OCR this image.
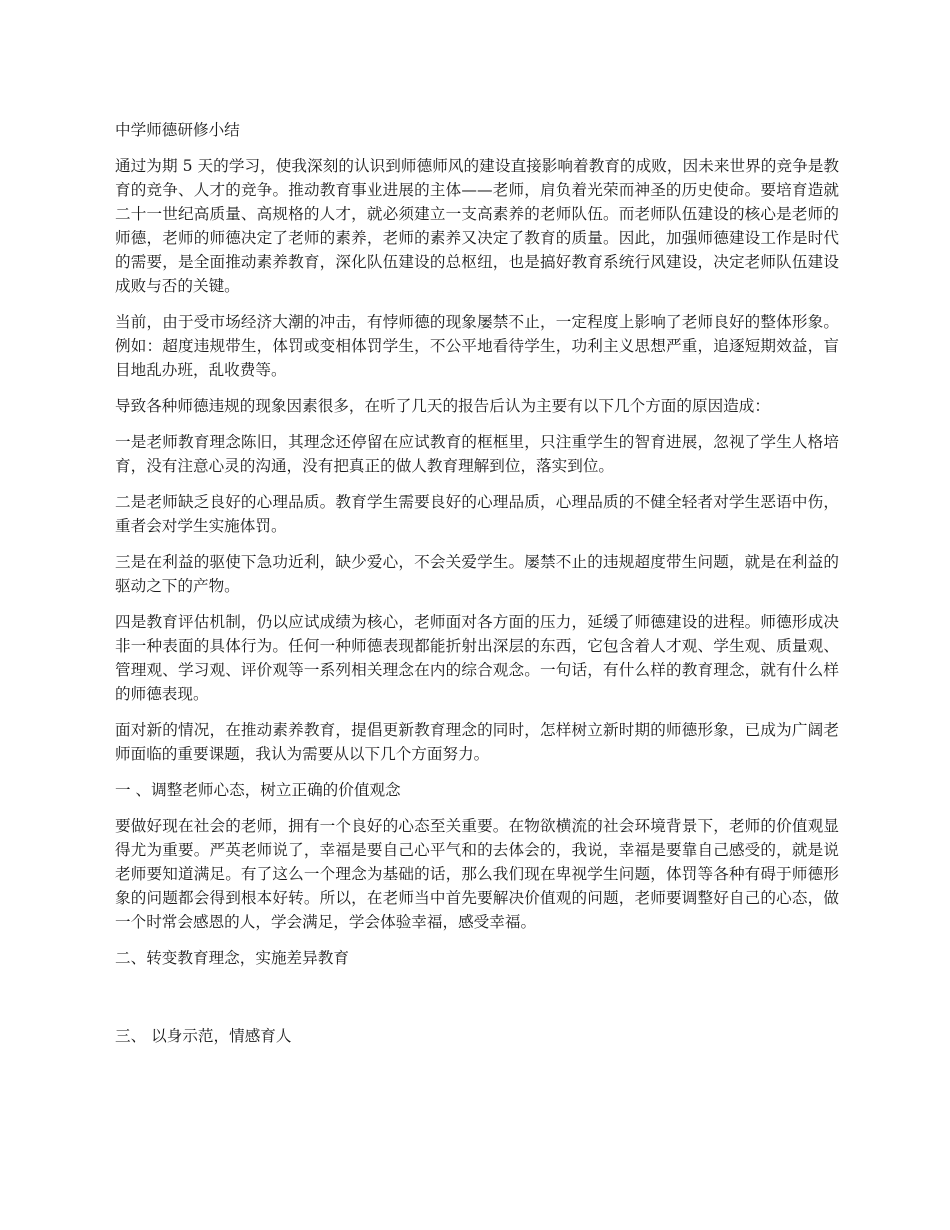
中学师德研修小结

通过为期 5 天的学习，使我深刻的认识到师德师风的建设直接影响着教育的成败，因未来世界的竞争是教育的竞争、人才的竞争。推动教育事业进展的主体——老师，肩负着光荣而神圣的历史使命。要培育造就二十一世纪高质量、高规格的人才，就必须建立一支高素养的老师队伍。而老师队伍建设的核心是老师的师德，老师的师德决定了老师的素养，老师的素养又决定了教育的质量。因此，加强师德建设工作是时代的需要，是全面推动素养教育，深化队伍建设的总枢纽，也是搞好教育系统行风建设，决定老师队伍建设成败与否的关键。

当前，由于受市场经济大潮的冲击，有悖师德的现象屡禁不止，一定程度上影响了老师良好的整体形象。例如：超度违规带生，体罚或变相体罚学生，不公平地看待学生，功利主义思想严重，追逐短期效益，盲目地乱办班，乱收费等。

导致各种师德违规的现象因素很多，在听了几天的报告后认为主要有以下几个方面的原因造成：

一是老师教育理念陈旧，其理念还停留在应试教育的框框里，只注重学生的智育进展，忽视了学生人格培育，没有注意心灵的沟通，没有把真正的做人教育理解到位，落实到位。

二是老师缺乏良好的心理品质。教育学生需要良好的心理品质，心理品质的不健全轻者对学生恶语中伤，重者会对学生实施体罚。

三是在利益的驱使下急功近利，缺少爱心，不会关爱学生。屡禁不止的违规超度带生问题，就是在利益的驱动之下的产物。

四是教育评估机制，仍以应试成绩为核心，老师面对各方面的压力，延缓了师德建设的进程。师德形成决非一种表面的具体行为。任何一种师德表现都能折射出深层的东西，它包含着人才观、学生观、质量观、管理观、学习观、评价观等一系列相关理念在内的综合观念。一句话，有什么样的教育理念，就有什么样的师德表现。

面对新的情况，在推动素养教育，提倡更新教育理念的同时，怎样树立新时期的师德形象，已成为广阔老师面临的重要课题，我认为需要从以下几个方面努力。

一 、调整老师心态，树立正确的价值观念

要做好现在社会的老师，拥有一个良好的心态至关重要。在物欲横流的社会环境背景下，老师的价值观显得尤为重要。严英老师说了，幸福是要自己心平气和的去体会的，我说，幸福是要靠自己感受的，就是说老师要知道满足。有了这么一个理念为基础的话，那么我们现在卑视学生问题，体罚等各种有碍于师德形象的问题都会得到根本好转。所以，在老师当中首先要解决价值观的问题，老师要调整好自己的心态，做一个时常会感恩的人，学会满足，学会体验幸福，感受幸福。

二、转变教育理念，实施差异教育

三、 以身示范，情感育人
